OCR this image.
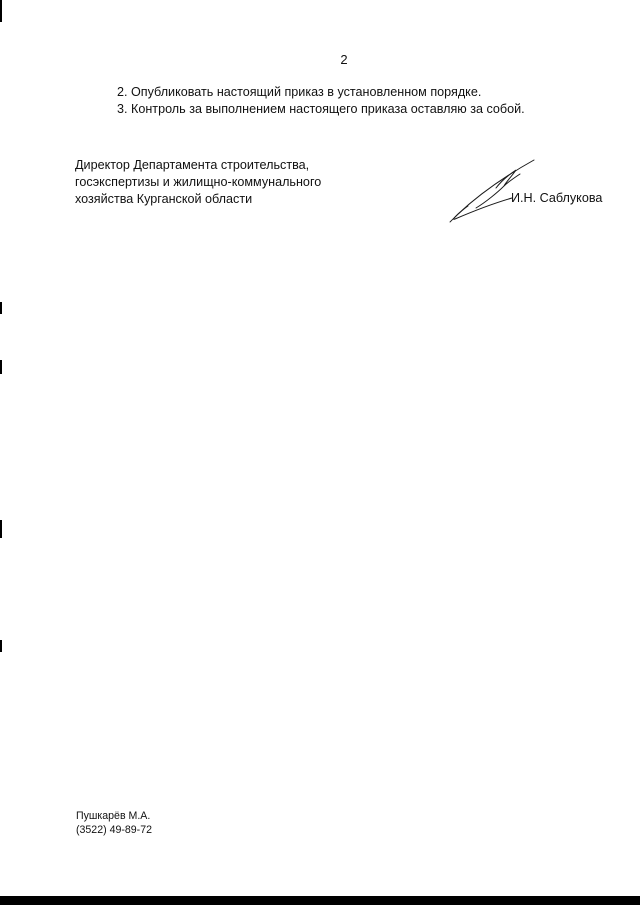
2
2. Опубликовать настоящий приказ в установленном порядке.
3. Контроль за выполнением настоящего приказа оставляю за собой.
Директор Департамента строительства,
госэкспертизы и жилищно-коммунального
хозяйства Курганской области	И.Н. Саблукова
Пушкарёв М.А.
(3522) 49-89-72
